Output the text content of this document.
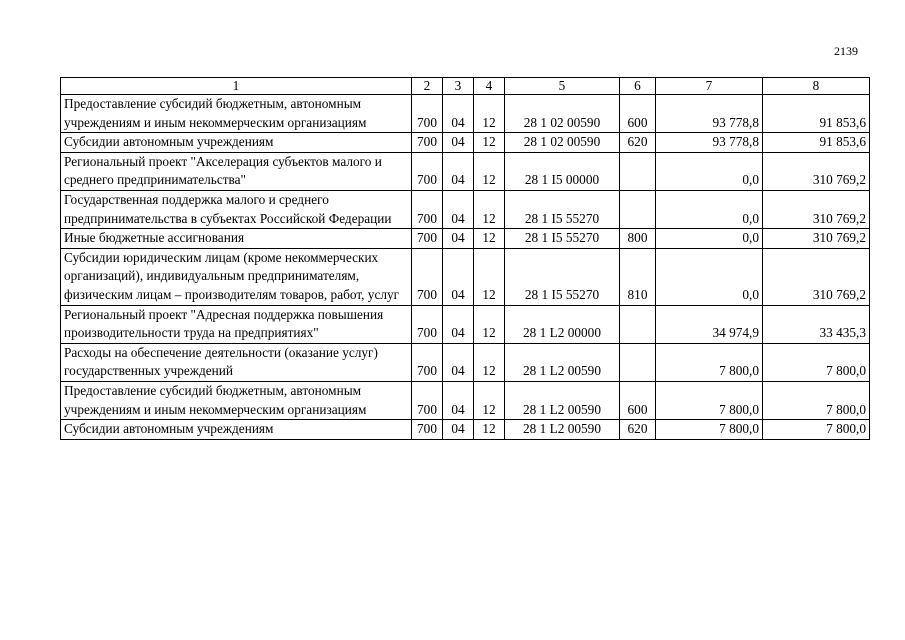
2139
1	2	3	4	5	6	7	8
Предоставление субсидий бюджетным, автономным учреждениям и иным некоммерческим организациям	700	04	12	28 1 02 00590	600	93 778,8	91 853,6
Субсидии автономным учреждениям	700	04	12	28 1 02 00590	620	93 778,8	91 853,6
Региональный проект "Акселерация субъектов малого и среднего предпринимательства"	700	04	12	28 1 I5 00000		0,0	310 769,2
Государственная поддержка малого и среднего предпринимательства в субъектах Российской Федерации	700	04	12	28 1 I5 55270		0,0	310 769,2
Иные бюджетные ассигнования	700	04	12	28 1 I5 55270	800	0,0	310 769,2
Субсидии юридическим лицам (кроме некоммерческих организаций), индивидуальным предпринимателям, физическим лицам – производителям товаров, работ, услуг	700	04	12	28 1 I5 55270	810	0,0	310 769,2
Региональный проект "Адресная поддержка повышения производительности труда на предприятиях"	700	04	12	28 1 L2 00000		34 974,9	33 435,3
Расходы на обеспечение деятельности (оказание услуг) государственных учреждений	700	04	12	28 1 L2 00590		7 800,0	7 800,0
Предоставление субсидий бюджетным, автономным учреждениям и иным некоммерческим организациям	700	04	12	28 1 L2 00590	600	7 800,0	7 800,0
Субсидии автономным учреждениям	700	04	12	28 1 L2 00590	620	7 800,0	7 800,0
